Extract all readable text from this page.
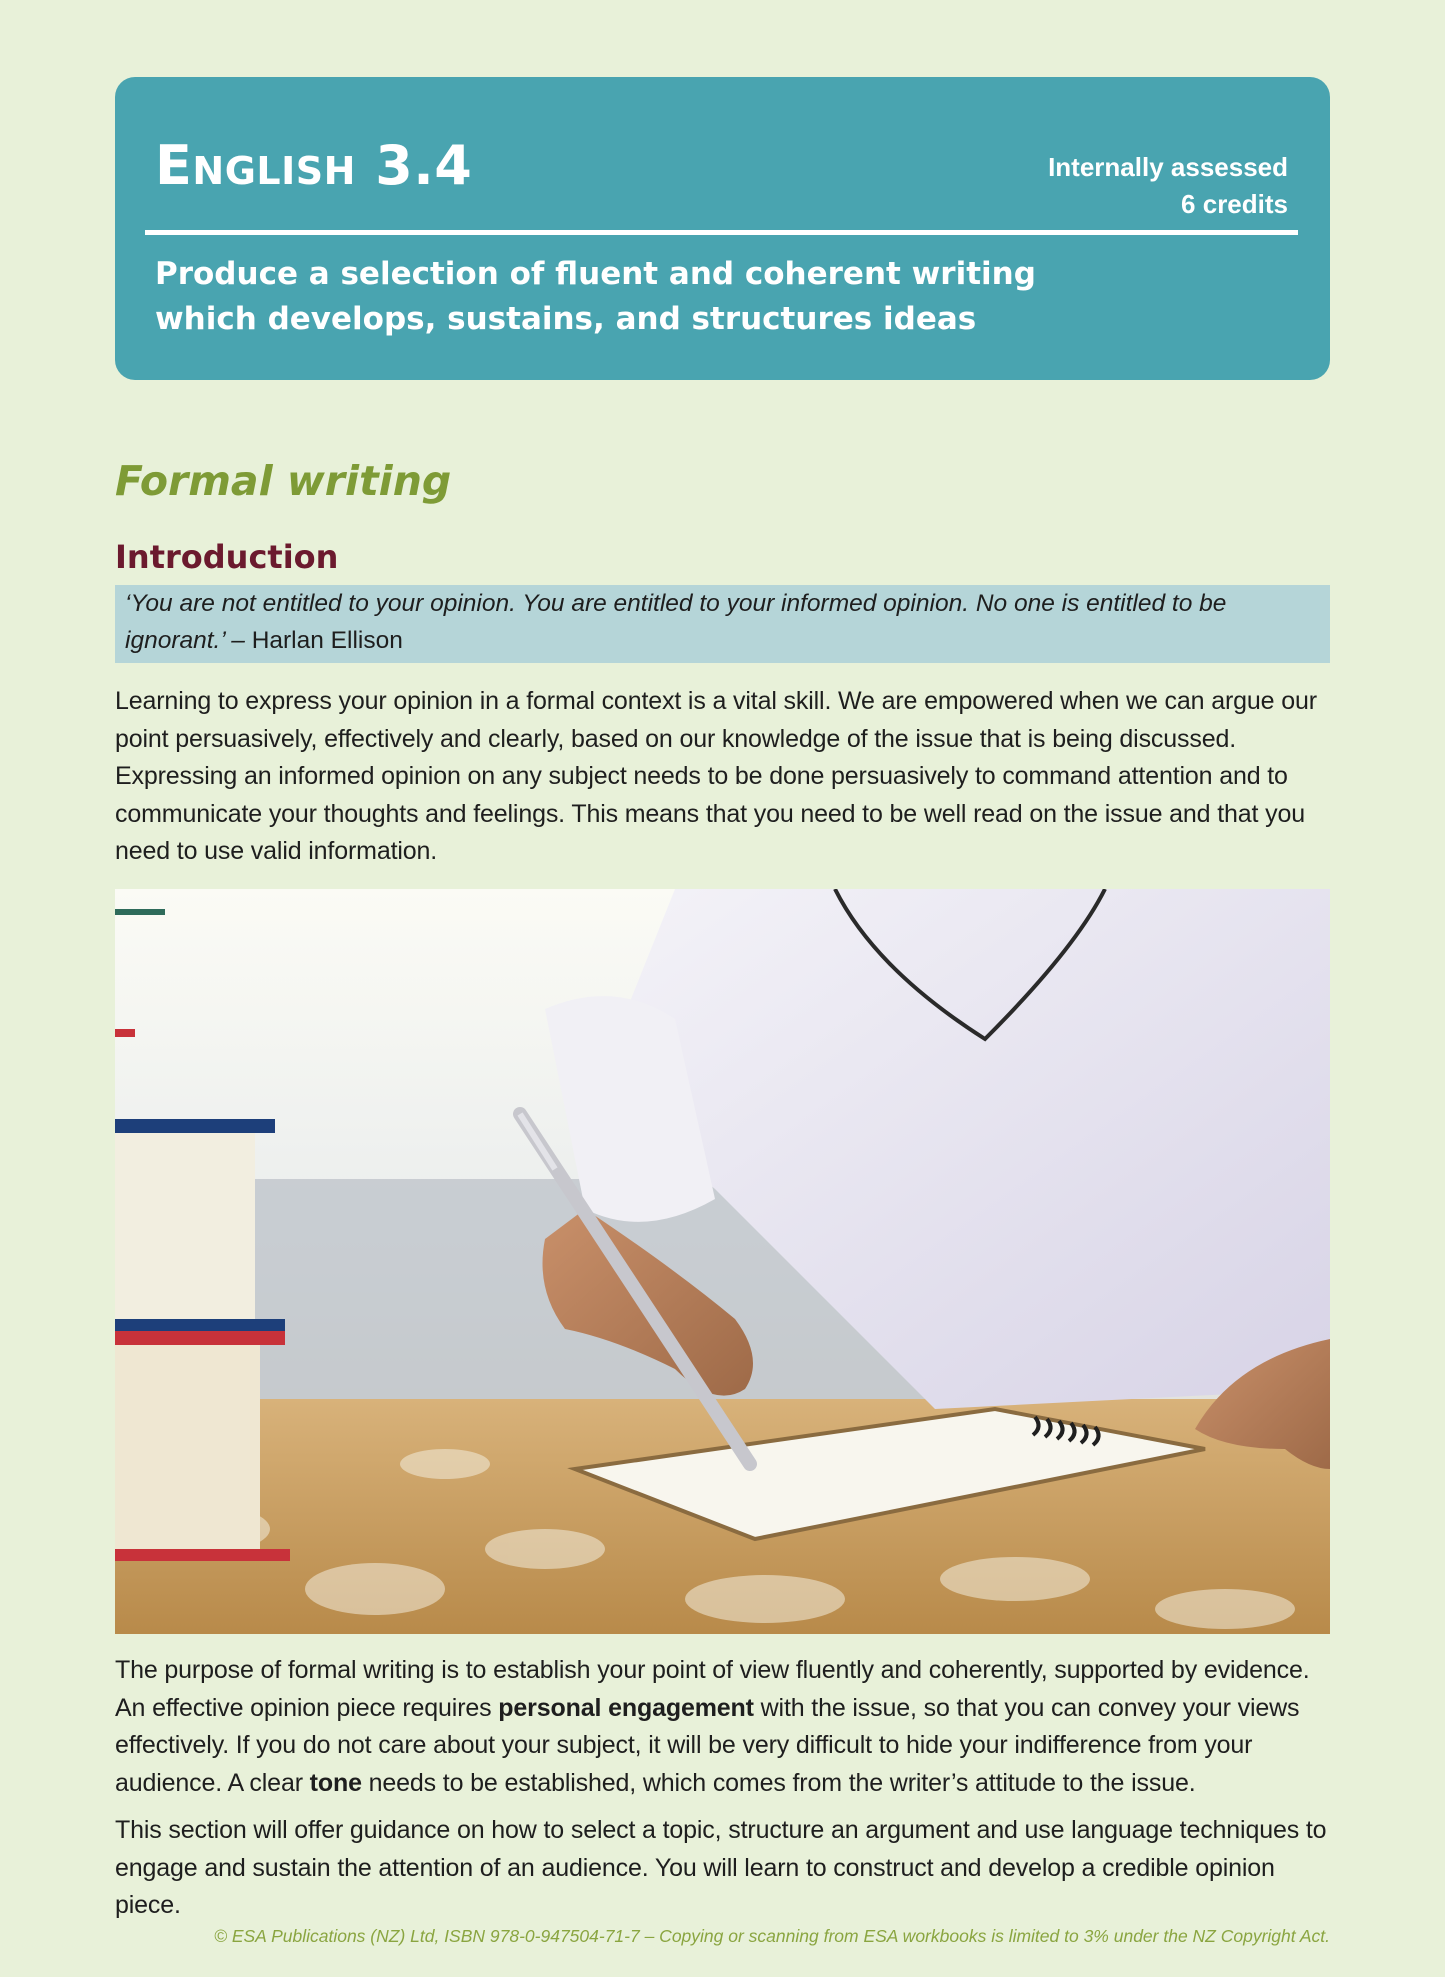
English 3.4	Internally assessed
6 credits
Produce a selection of fluent and coherent writing
which develops, sustains, and structures ideas
Formal writing
Introduction
‘You are not entitled to your opinion. You are entitled to your informed opinion. No one is entitled to be ignorant.’ – Harlan Ellison

Learning to express your opinion in a formal context is a vital skill. We are empowered when we can argue our point persuasively, effectively and clearly, based on our knowledge of the issue that is being discussed. Expressing an informed opinion on any subject needs to be done persuasively to command attention and to communicate your thoughts and feelings. This means that you need to be well read on the issue and that you need to use valid information.

The purpose of formal writing is to establish your point of view fluently and coherently, supported by evidence. An effective opinion piece requires personal engagement with the issue, so that you can convey your views effectively. If you do not care about your subject, it will be very difficult to hide your indifference from your audience. A clear tone needs to be established, which comes from the writer’s attitude to the issue.

This section will offer guidance on how to select a topic, structure an argument and use language techniques to engage and sustain the attention of an audience. You will learn to construct and develop a credible opinion piece.

© ESA Publications (NZ) Ltd, ISBN 978-0-947504-71-7 – Copying or scanning from ESA workbooks is limited to 3% under the NZ Copyright Act.
